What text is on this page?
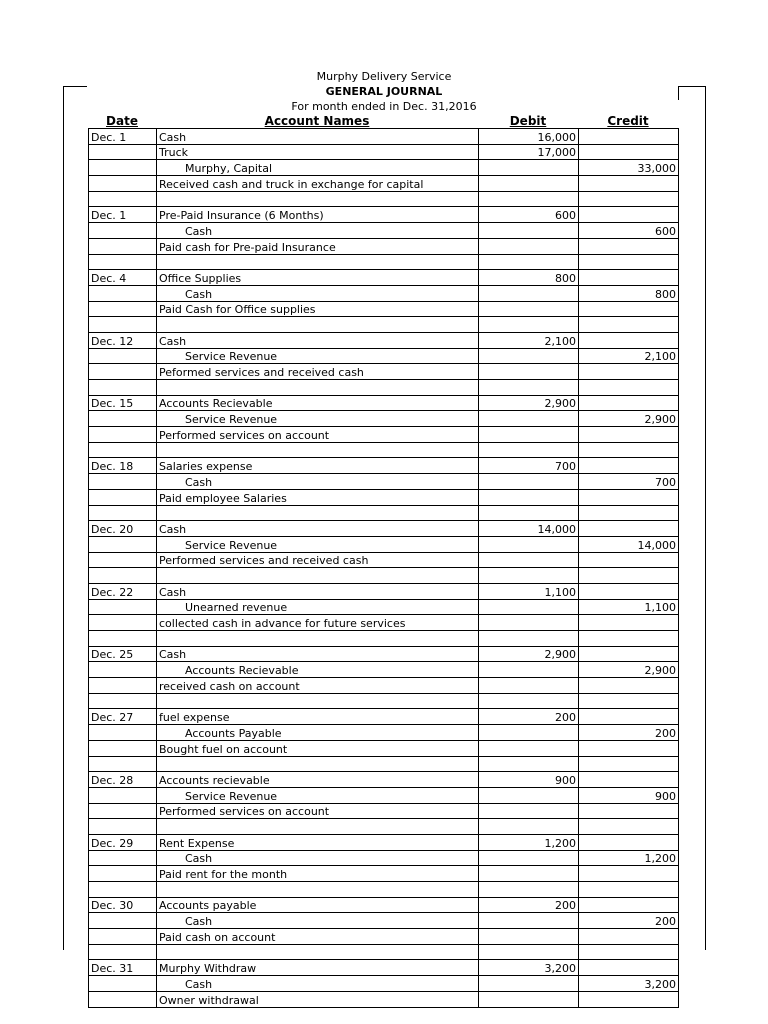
Murphy Delivery Service
GENERAL JOURNAL
For month ended in Dec. 31,2016
Date	Account Names	Debit	Credit
Dec. 1	Cash	16,000	
	Truck	17,000	
	Murphy, Capital		33,000
	Received cash and truck in exchange for capital		

Dec. 1	Pre-Paid Insurance (6 Months)	600	
	Cash		600
	Paid cash for Pre-paid Insurance		

Dec. 4	Office Supplies	800	
	Cash		800
	Paid Cash for Office supplies		

Dec. 12	Cash	2,100	
	Service Revenue		2,100
	Peformed services and received cash		

Dec. 15	Accounts Recievable	2,900	
	Service Revenue		2,900
	Performed services on account		

Dec. 18	Salaries expense	700	
	Cash		700
	Paid employee Salaries		

Dec. 20	Cash	14,000	
	Service Revenue		14,000
	Performed services and received cash		

Dec. 22	Cash	1,100	
	Unearned revenue		1,100
	collected cash in advance for future services		

Dec. 25	Cash	2,900	
	Accounts Recievable		2,900
	received cash on account		

Dec. 27	fuel expense	200	
	Accounts Payable		200
	Bought fuel on account		

Dec. 28	Accounts recievable	900	
	Service Revenue		900
	Performed services on account		

Dec. 29	Rent Expense	1,200	
	Cash		1,200
	Paid rent for the month		

Dec. 30	Accounts payable	200	
	Cash		200
	Paid cash on account		

Dec. 31	Murphy Withdraw	3,200	
	Cash		3,200
	Owner withdrawal		
